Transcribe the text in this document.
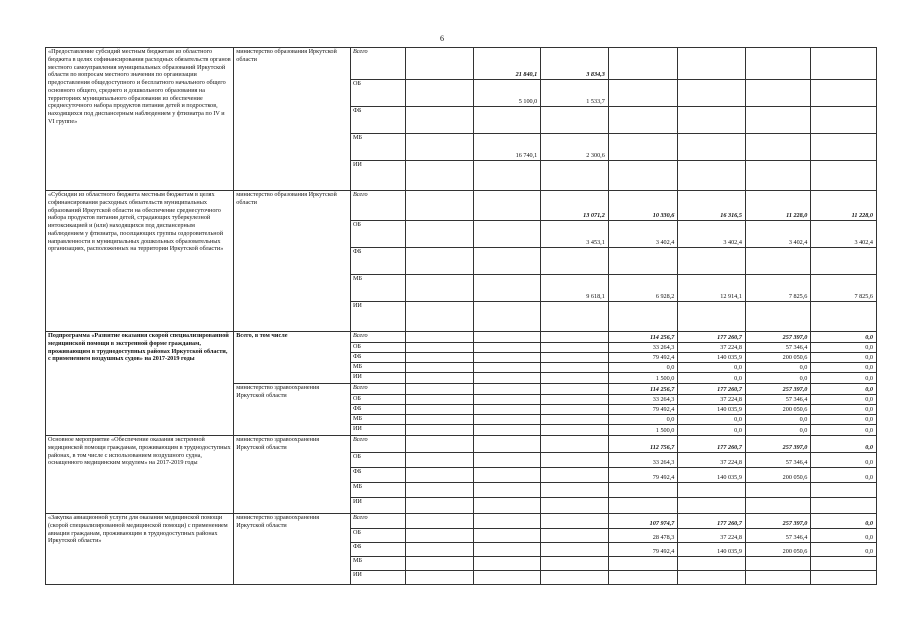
6
«Предоставление субсидий местным бюджетам из областного бюджета в целях софинансирования расходных обязательств органов местного самоуправления муниципальных образований Иркутской области по вопросам местного значения по организации предоставления общедоступного и бесплатного начального общего основного общего, среднего и дошкольного образования на территориях муниципального образования из обеспечение среднесуточного набора продуктов питания детей и подростков, находящихся под диспансерным наблюдением у фтизиатра по IV и VI группе»	министерство образования Иркутской области	Всего		21 840,1	3 834,3				
		ОБ		5 100,0	1 533,7				
		ФБ							
		МБ		16 740,1	2 300,6				
		ИИ							
«Субсидии из областного бюджета местным бюджетам в целях софинансирования расходных обязательств муниципальных образований Иркутской области на обеспечение среднесуточного набора продуктов питания детей, страдающих туберкулезной интоксикацией и (или) находящихся под диспансерным наблюдением у фтизиатра, посещающих группы оздоровительной направленности в муниципальных дошкольных образовательных организациях, расположенных на территории Иркутской области»	министерство образования Иркутской области	Всего			13 071,2	10 330,6	16 316,5	11 228,0	11 228,0
		ОБ			3 453,1	3 402,4	3 402,4	3 402,4	3 402,4
		ФБ							
		МБ			9 618,1	6 928,2	12 914,1	7 825,6	7 825,6
		ИИ							
Подпрограмма «Развитие оказания скорой специализированной медицинской помощи в экстренной форме гражданам, проживающим в труднодоступных районах Иркутской области, с применением воздушных судов» на 2017-2019 годы	Всего, в том числе	Всего				114 256,7	177 260,7	257 397,0	0,0
		ОБ				33 264,3	37 224,8	57 346,4	0,0
		ФБ				79 492,4	140 035,9	200 050,6	0,0
		МБ				0,0	0,0	0,0	0,0
		ИИ				1 500,0	0,0	0,0	0,0
	министерство здравоохранения Иркутской области	Всего				114 256,7	177 260,7	257 397,0	0,0
		ОБ				33 264,3	37 224,8	57 346,4	0,0
		ФБ				79 492,4	140 035,9	200 050,6	0,0
		МБ				0,0	0,0	0,0	0,0
		ИИ				1 500,0	0,0	0,0	0,0
Основное мероприятие «Обеспечение оказания экстренной медицинской помощи гражданам, проживающим в труднодоступных районах, в том числе с использованием воздушного судна, оснащенного медицинским модулем» на 2017-2019 годы	министерство здравоохранения Иркутской области	Всего				112 756,7	177 260,7	257 397,0	0,0
		ОБ				33 264,3	37 224,8	57 346,4	0,0
		ФБ				79 492,4	140 035,9	200 050,6	0,0
		МБ							
		ИИ							
«Закупка авиационной услуги для оказания медицинской помощи (скорой специализированной медицинской помощи) с применением авиации гражданам, проживающим в труднодоступных районах Иркутской области»	министерство здравоохранения Иркутской области	Всего				107 974,7	177 260,7	257 397,0	0,0
		ОБ				28 478,3	37 224,8	57 346,4	0,0
		ФБ				79 492,4	140 035,9	200 050,6	0,0
		МБ							
		ИИ							
